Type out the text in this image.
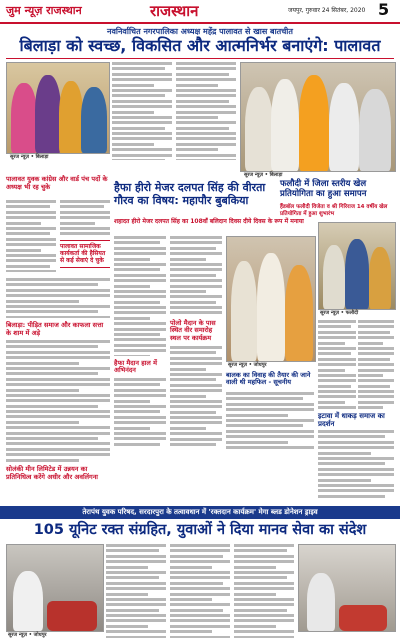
जुम न्यूज़ राजस्थान	राजस्थान	जयपुर, गुरुवार 24 सितंबर, 2020 5
नवनिर्वाचित नगरपालिका अध्यक्ष महेंद्र पालावत से खास बातचीत
बिलाड़ा को स्वच्छ, विकसित और आत्मनिर्भर बनाएंगे: पालावत
सूरज न्यूज़ • बिलाड़ा
सूरज न्यूज़ • बिलाड़ा
पालावत युवक कांग्रेस और वार्ड पंच पदों के अध्यक्ष भी रह चुके
पालावत सामाजिक कार्यकर्ता की हैसियत से कई सेवाएं दे चुके
बिलाड़ा: पीड़ित समाज और काफला सत्ता के शाम में अड़े
सोलंकी मीन लिमिटेड में उन्नयन का प्रतिनिधित्व करेंगे अधीर और अवलिंगना
हैफा हीरो मेजर दलपत सिंह की वीरता गौरव का विषय: महापौर बुबकिया
शहादत हीरो मेजर दलपत सिंह का 108वाँ बलिदान दिवस दीये दिवस के रूप में मनाया
पोलो मैदान के पास स्थित वीर समारोह स्थल पर कार्यक्रम
हैफा मैदान हाल में अभिनंदन
सूरज न्यूज़ • जोधपुर
बालक का विवाह की तैयार की जाने वाली थी महफिल - सूचनीय
फलौदी में जिला स्तरीय खेल प्रतियोगिता का हुआ समापन
हैंडबॉल फलौदी विजेता व श्री गिरिराज 14 वर्षीय खेल प्रतियोगिता में हुआ शुभारंभ
सूरज न्यूज़ • फलौदी
इटावा में धाकड़ समाज का प्रदर्शन
तेरापंथ युवक परिषद, सरदारपुरा के तत्वावधान में 'रक्तदान कार्यक्रम' मेगा ब्लड डोनेशन ड्राइव
105 यूनिट रक्त संग्रहित, युवाओं ने दिया मानव सेवा का संदेश
सूरज न्यूज़ • जोधपुर
